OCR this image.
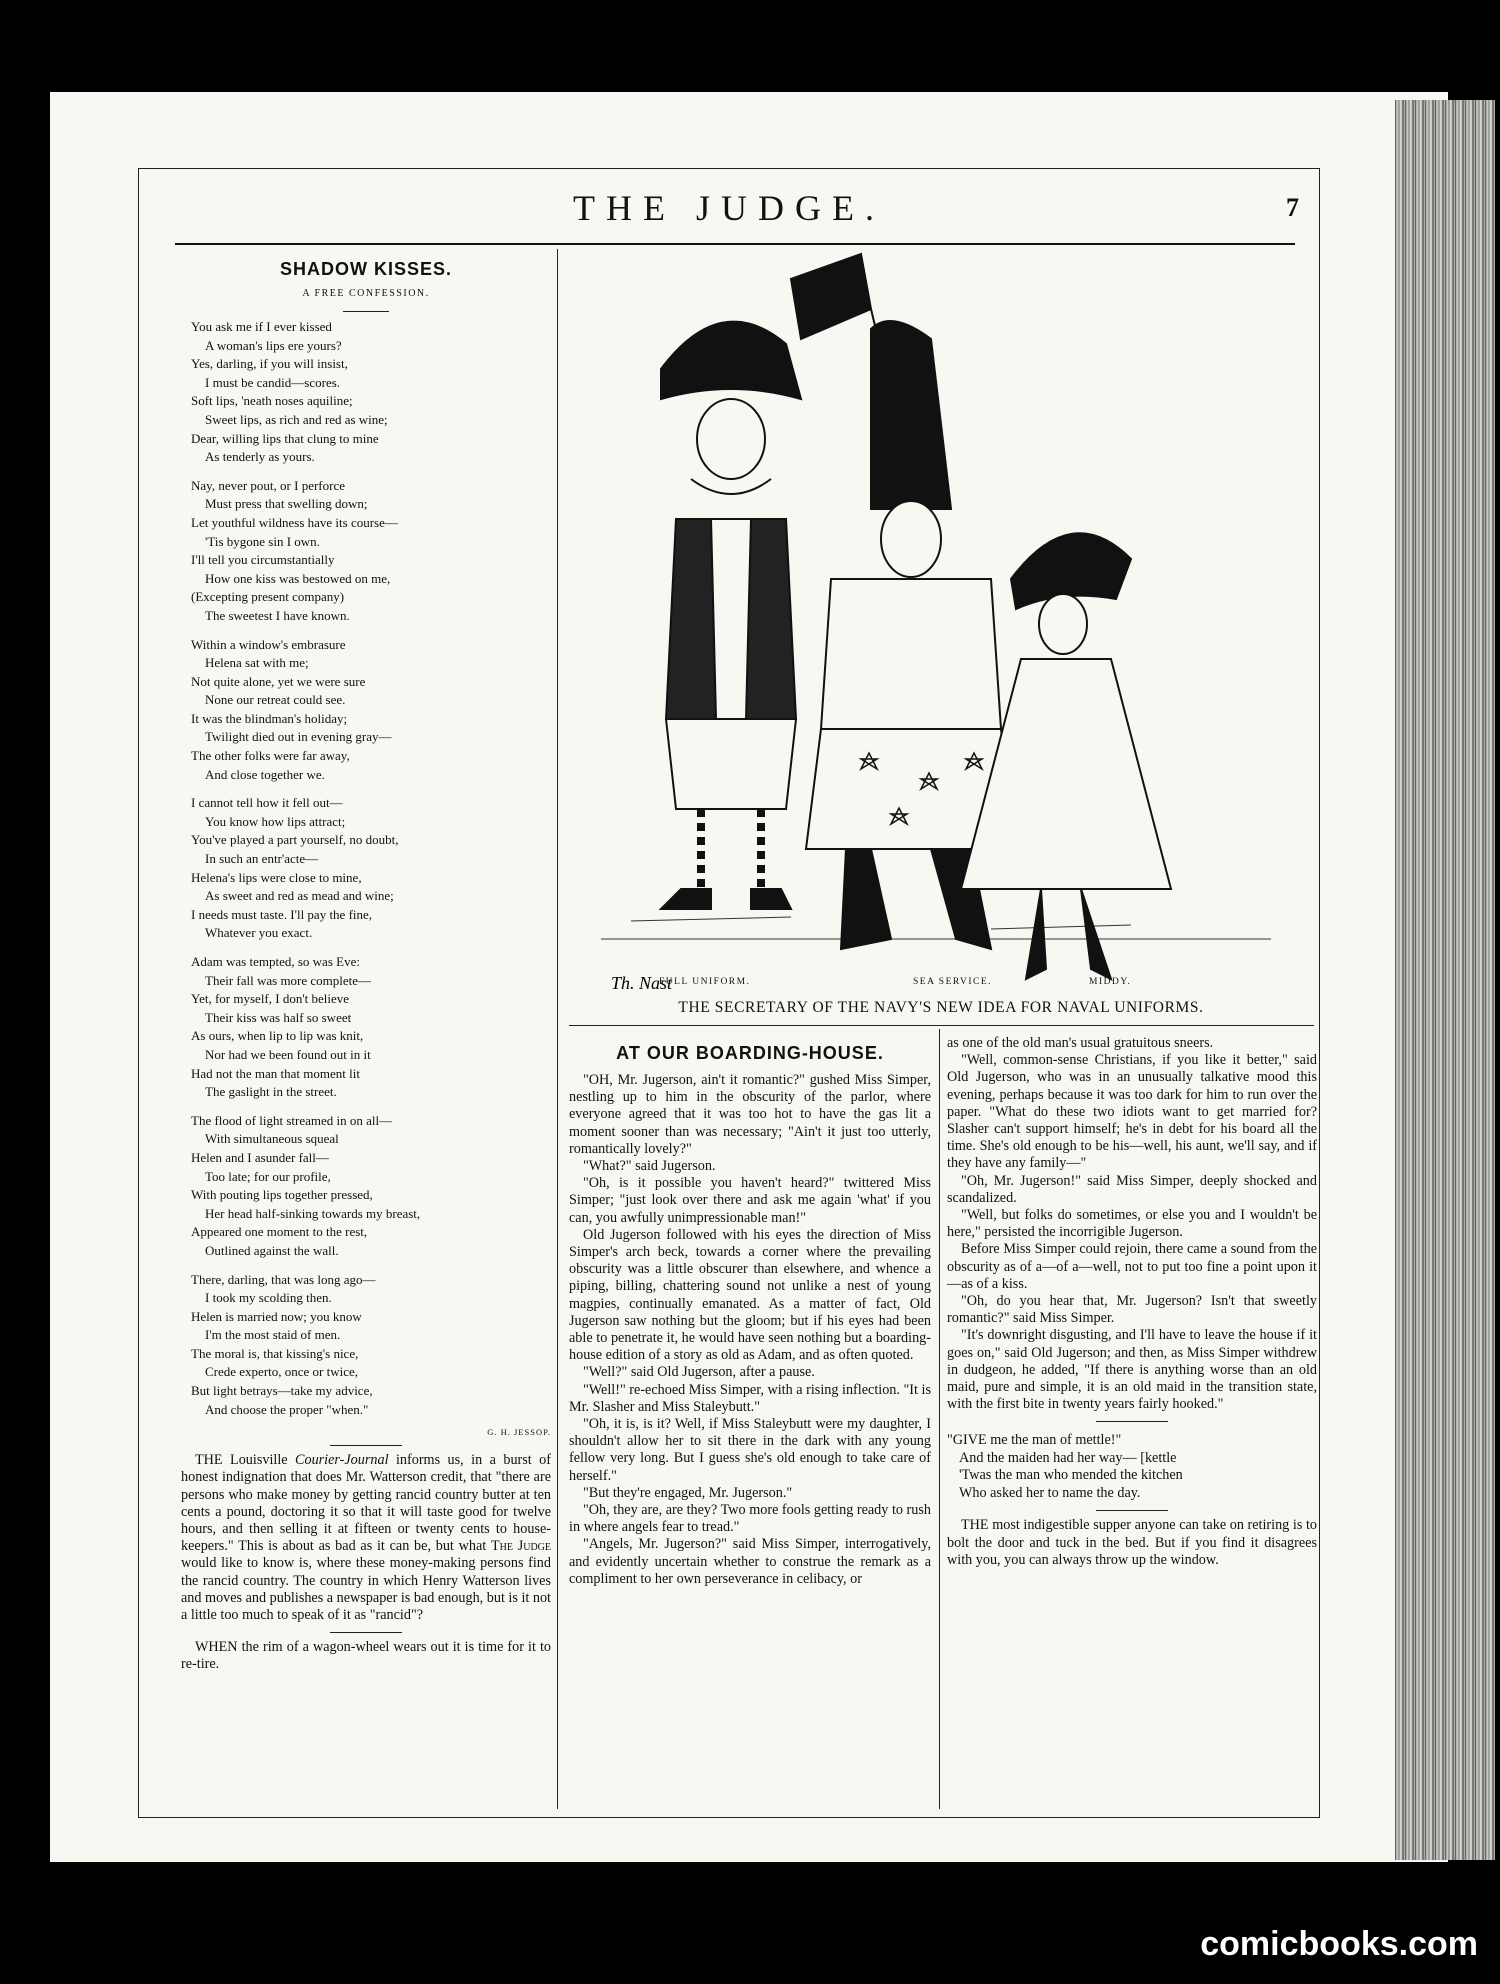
THE JUDGE.	7
SHADOW KISSES.
A FREE CONFESSION.
You ask me if I ever kissed
A woman's lips ere yours?
Yes, darling, if you will insist,
I must be candid—scores.
Soft lips, 'neath noses aquiline;
Sweet lips, as rich and red as wine;
Dear, willing lips that clung to mine
As tenderly as yours.
Nay, never pout, or I perforce
Must press that swelling down;
Let youthful wildness have its course—
'Tis bygone sin I own.
I'll tell you circumstantially
How one kiss was bestowed on me,
(Excepting present company)
The sweetest I have known.
Within a window's embrasure
Helena sat with me;
Not quite alone, yet we were sure
None our retreat could see.
It was the blindman's holiday;
Twilight died out in evening gray—
The other folks were far away,
And close together we.
I cannot tell how it fell out—
You know how lips attract;
You've played a part yourself, no doubt,
In such an entr'acte—
Helena's lips were close to mine,
As sweet and red as mead and wine;
I needs must taste. I'll pay the fine,
Whatever you exact.
Adam was tempted, so was Eve:
Their fall was more complete—
Yet, for myself, I don't believe
Their kiss was half so sweet
As ours, when lip to lip was knit,
Nor had we been found out in it
Had not the man that moment lit
The gaslight in the street.
The flood of light streamed in on all—
With simultaneous squeal
Helen and I asunder fall—
Too late; for our profile,
With pouting lips together pressed,
Her head half-sinking towards my breast,
Appeared one moment to the rest,
Outlined against the wall.
There, darling, that was long ago—
I took my scolding then.
Helen is married now; you know
I'm the most staid of men.
The moral is, that kissing's nice,
Crede experto, once or twice,
But light betrays—take my advice,
And choose the proper "when."
G. H. JESSOP.

THE Louisville Courier-Journal informs us, in a burst of honest indignation that does Mr. Watterson credit, that "there are persons who make money by getting rancid country butter at ten cents a pound, doctoring it so that it will taste good for twelve hours, and then selling it at fifteen or twenty cents to house-keepers." This is about as bad as it can be, but what The Judge would like to know is, where these money-making persons find the rancid country. The country in which Henry Watterson lives and moves and publishes a newspaper is bad enough, but is it not a little too much to speak of it as "rancid"?

WHEN the rim of a wagon-wheel wears out it is time for it to re-tire.

Th. Nast
FULL UNIFORM.	SEA SERVICE.	MIDDY.
THE SECRETARY OF THE NAVY'S NEW IDEA FOR NAVAL UNIFORMS.
AT OUR BOARDING-HOUSE.

"OH, Mr. Jugerson, ain't it romantic?" gushed Miss Simper, nestling up to him in the obscurity of the parlor, where everyone agreed that it was too hot to have the gas lit a moment sooner than was necessary; "Ain't it just too utterly, romantically lovely?"

"What?" said Jugerson.

"Oh, is it possible you haven't heard?" twittered Miss Simper; "just look over there and ask me again 'what' if you can, you awfully unimpressionable man!"

Old Jugerson followed with his eyes the direction of Miss Simper's arch beck, towards a corner where the prevailing obscurity was a little obscurer than elsewhere, and whence a piping, billing, chattering sound not unlike a nest of young magpies, continually emanated. As a matter of fact, Old Jugerson saw nothing but the gloom; but if his eyes had been able to penetrate it, he would have seen nothing but a boarding-house edition of a story as old as Adam, and as often quoted.

"Well?" said Old Jugerson, after a pause.

"Well!" re-echoed Miss Simper, with a rising inflection. "It is Mr. Slasher and Miss Staleybutt."

"Oh, it is, is it? Well, if Miss Staleybutt were my daughter, I shouldn't allow her to sit there in the dark with any young fellow very long. But I guess she's old enough to take care of herself."

"But they're engaged, Mr. Jugerson."

"Oh, they are, are they? Two more fools getting ready to rush in where angels fear to tread."

"Angels, Mr. Jugerson?" said Miss Simper, interrogatively, and evidently uncertain whether to construe the remark as a compliment to her own perseverance in celibacy, or

as one of the old man's usual gratuitous sneers.

"Well, common-sense Christians, if you like it better," said Old Jugerson, who was in an unusually talkative mood this evening, perhaps because it was too dark for him to run over the paper. "What do these two idiots want to get married for? Slasher can't support himself; he's in debt for his board all the time. She's old enough to be his—well, his aunt, we'll say, and if they have any family—"

"Oh, Mr. Jugerson!" said Miss Simper, deeply shocked and scandalized.

"Well, but folks do sometimes, or else you and I wouldn't be here," persisted the incorrigible Jugerson.

Before Miss Simper could rejoin, there came a sound from the obscurity as of a—of a—well, not to put too fine a point upon it—as of a kiss.

"Oh, do you hear that, Mr. Jugerson? Isn't that sweetly romantic?" said Miss Simper.

"It's downright disgusting, and I'll have to leave the house if it goes on," said Old Jugerson; and then, as Miss Simper withdrew in dudgeon, he added, "If there is anything worse than an old maid, pure and simple, it is an old maid in the transition state, with the first bite in twenty years fairly hooked."

"GIVE me the man of mettle!"
And the maiden had her way— [kettle
'Twas the man who mended the kitchen
Who asked her to name the day.

THE most indigestible supper anyone can take on retiring is to bolt the door and tuck in the bed. But if you find it disagrees with you, you can always throw up the window.

comicbooks.com
